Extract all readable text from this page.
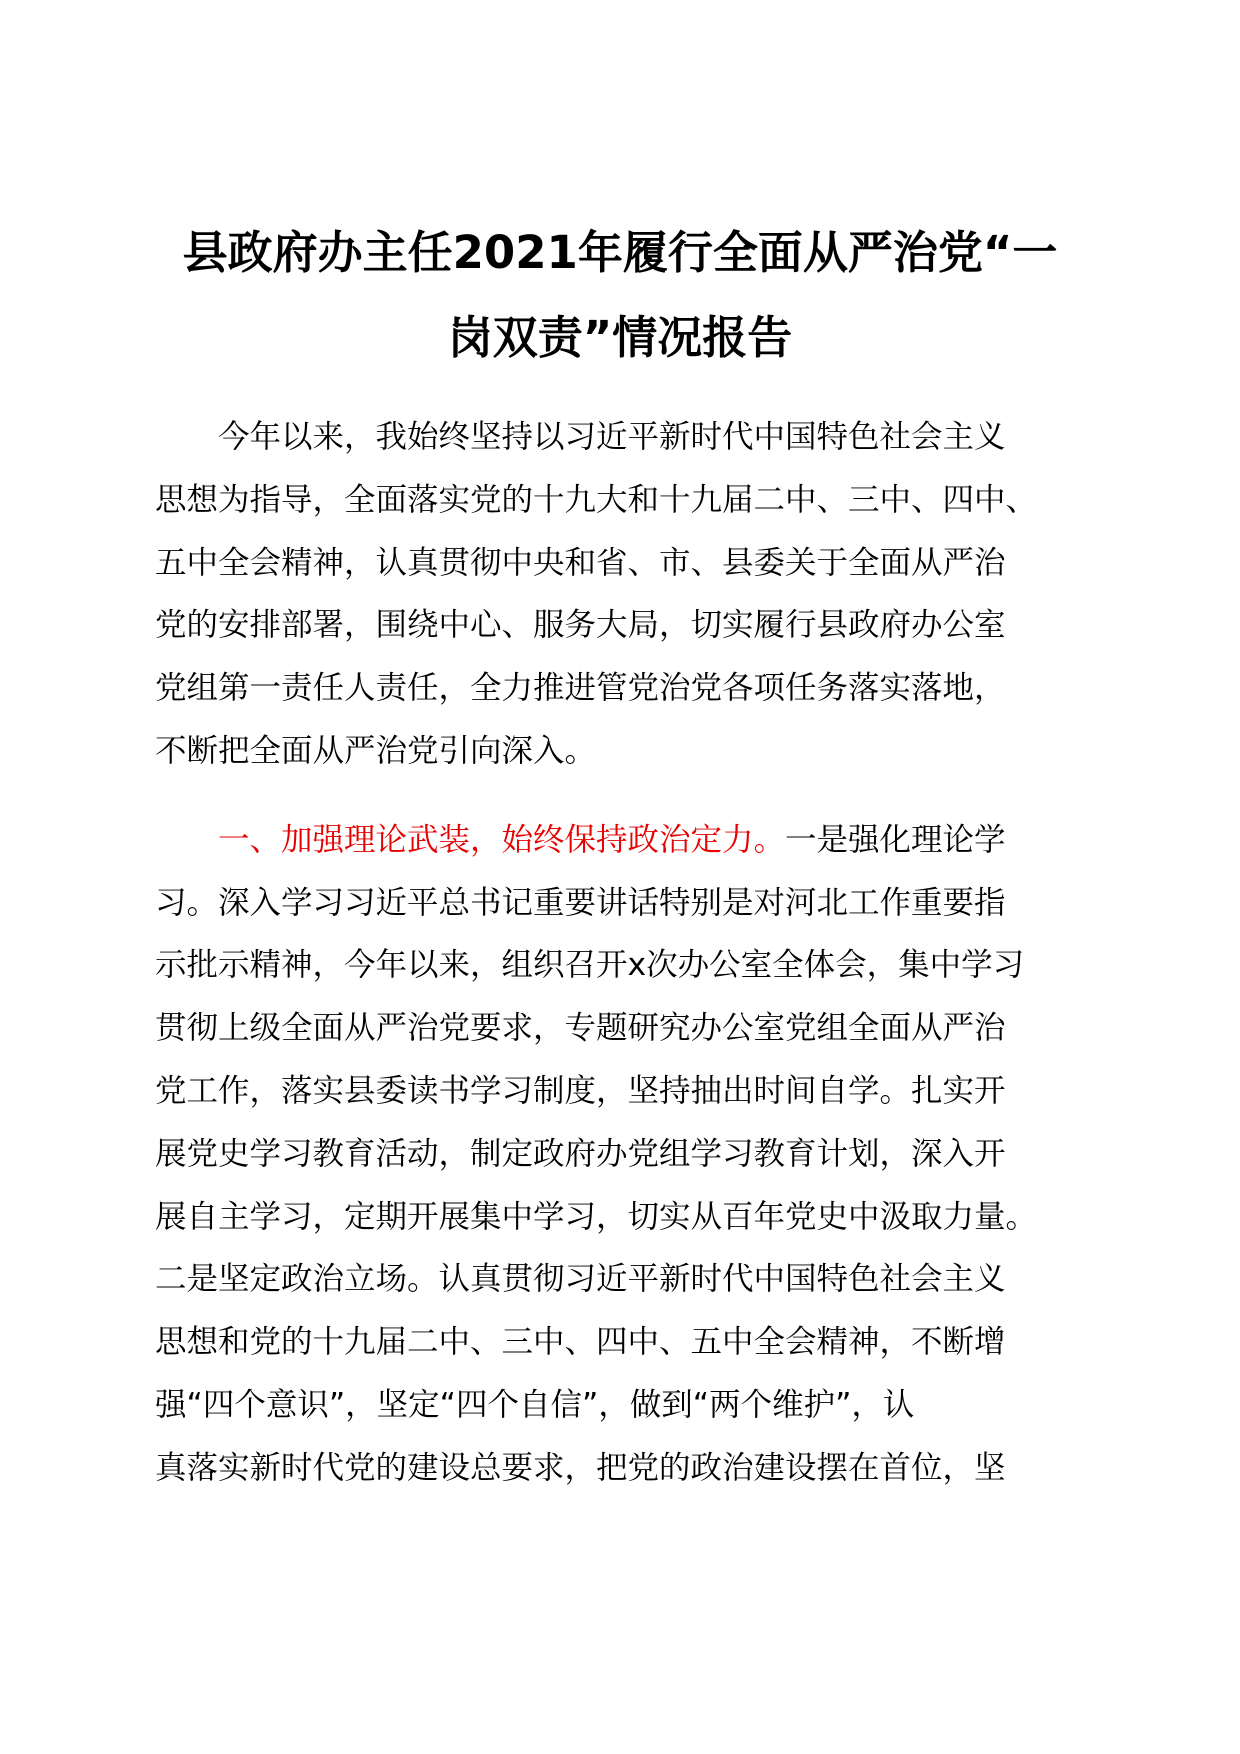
县政府办主任2021年履行全面从严治党“一
岗双责”情况报告
今年以来，我始终坚持以习近平新时代中国特色社会主义
思想为指导，全面落实党的十九大和十九届二中、三中、四中、
五中全会精神，认真贯彻中央和省、市、县委关于全面从严治
党的安排部署，围绕中心、服务大局，切实履行县政府办公室
党组第一责任人责任，全力推进管党治党各项任务落实落地，
不断把全面从严治党引向深入。
一、加强理论武装，始终保持政治定力。一是强化理论学
习。深入学习习近平总书记重要讲话特别是对河北工作重要指
示批示精神，今年以来，组织召开x次办公室全体会，集中学习
贯彻上级全面从严治党要求，专题研究办公室党组全面从严治
党工作，落实县委读书学习制度，坚持抽出时间自学。扎实开
展党史学习教育活动，制定政府办党组学习教育计划，深入开
展自主学习，定期开展集中学习，切实从百年党史中汲取力量。
二是坚定政治立场。认真贯彻习近平新时代中国特色社会主义
思想和党的十九届二中、三中、四中、五中全会精神，不断增
强“四个意识”，坚定“四个自信”，做到“两个维护”，认
真落实新时代党的建设总要求，把党的政治建设摆在首位，坚
